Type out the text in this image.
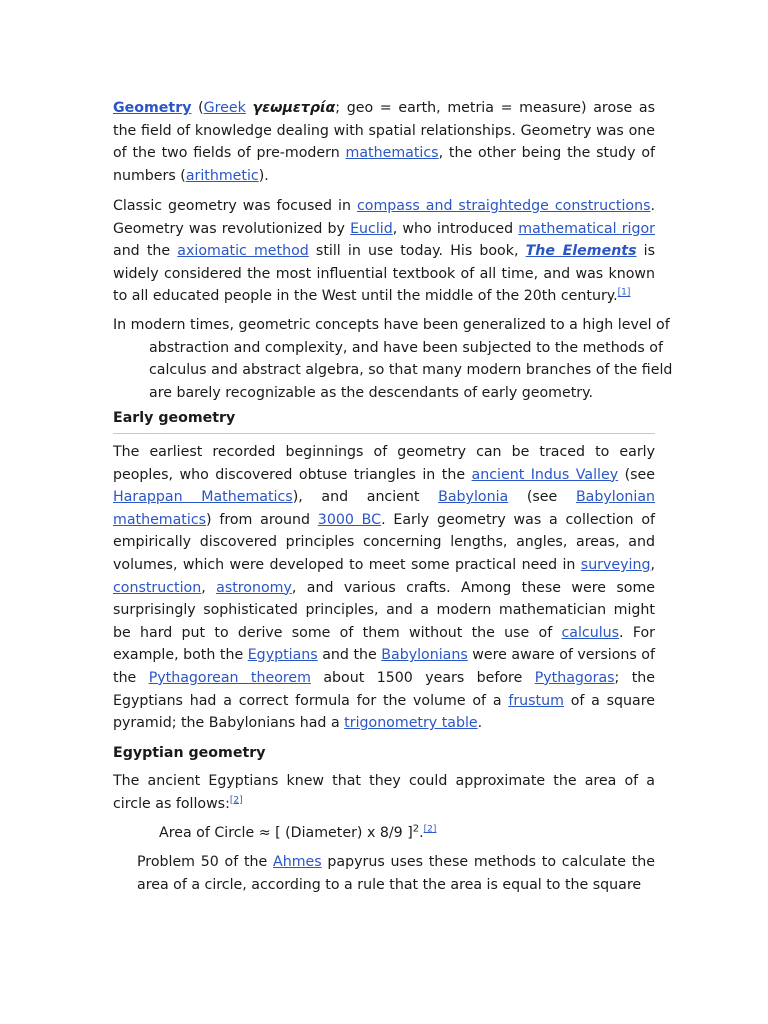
Geometry (Greek γεωμετρία; geo = earth, metria = measure) arose as the field of knowledge dealing with spatial relationships. Geometry was one of the two fields of pre-modern mathematics, the other being the study of numbers (arithmetic).

Classic geometry was focused in compass and straightedge constructions. Geometry was revolutionized by Euclid, who introduced mathematical rigor and the axiomatic method still in use today. His book, The Elements is widely considered the most influential textbook of all time, and was known to all educated people in the West until the middle of the 20th century.[1]

In modern times, geometric concepts have been generalized to a high level of abstraction and complexity, and have been subjected to the methods of calculus and abstract algebra, so that many modern branches of the field are barely recognizable as the descendants of early geometry.

Early geometry

The earliest recorded beginnings of geometry can be traced to early peoples, who discovered obtuse triangles in the ancient Indus Valley (see Harappan Mathematics), and ancient Babylonia (see Babylonian mathematics) from around 3000 BC. Early geometry was a collection of empirically discovered principles concerning lengths, angles, areas, and volumes, which were developed to meet some practical need in surveying, construction, astronomy, and various crafts. Among these were some surprisingly sophisticated principles, and a modern mathematician might be hard put to derive some of them without the use of calculus. For example, both the Egyptians and the Babylonians were aware of versions of the Pythagorean theorem about 1500 years before Pythagoras; the Egyptians had a correct formula for the volume of a frustum of a square pyramid; the Babylonians had a trigonometry table.

Egyptian geometry

The ancient Egyptians knew that they could approximate the area of a circle as follows:[2]

Area of Circle ≈ [ (Diameter) x 8/9 ]$^2$.[2]

Problem 50 of the Ahmes papyrus uses these methods to calculate the area of a circle, according to a rule that the area is equal to the square
